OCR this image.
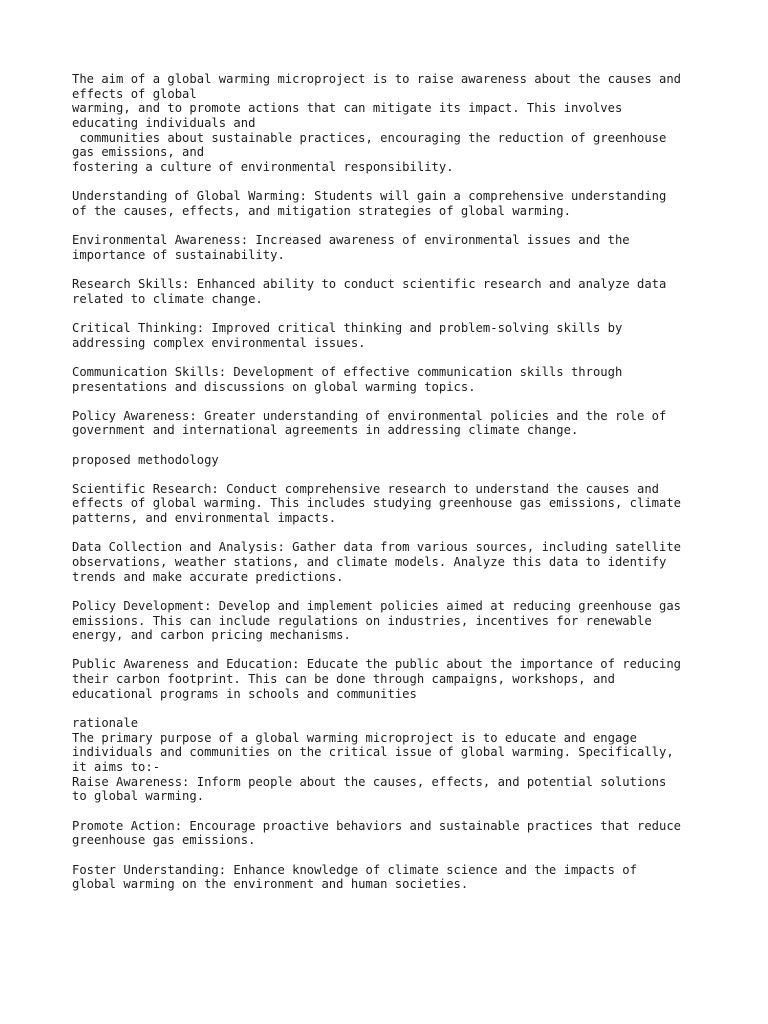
The aim of a global warming microproject is to raise awareness about the causes and
effects of global
warming, and to promote actions that can mitigate its impact. This involves
educating individuals and
communities about sustainable practices, encouraging the reduction of greenhouse
gas emissions, and
fostering a culture of environmental responsibility.
Understanding of Global Warming: Students will gain a comprehensive understanding
of the causes, effects, and mitigation strategies of global warming.
Environmental Awareness: Increased awareness of environmental issues and the
importance of sustainability.
Research Skills: Enhanced ability to conduct scientific research and analyze data
related to climate change.
Critical Thinking: Improved critical thinking and problem-solving skills by
addressing complex environmental issues.
Communication Skills: Development of effective communication skills through
presentations and discussions on global warming topics.
Policy Awareness: Greater understanding of environmental policies and the role of
government and international agreements in addressing climate change.
proposed methodology
Scientific Research: Conduct comprehensive research to understand the causes and
effects of global warming. This includes studying greenhouse gas emissions, climate
patterns, and environmental impacts.
Data Collection and Analysis: Gather data from various sources, including satellite
observations, weather stations, and climate models. Analyze this data to identify
trends and make accurate predictions.
Policy Development: Develop and implement policies aimed at reducing greenhouse gas
emissions. This can include regulations on industries, incentives for renewable
energy, and carbon pricing mechanisms.
Public Awareness and Education: Educate the public about the importance of reducing
their carbon footprint. This can be done through campaigns, workshops, and
educational programs in schools and communities
rationale
The primary purpose of a global warming microproject is to educate and engage
individuals and communities on the critical issue of global warming. Specifically,
it aims to:-
Raise Awareness: Inform people about the causes, effects, and potential solutions
to global warming.
Promote Action: Encourage proactive behaviors and sustainable practices that reduce
greenhouse gas emissions.
Foster Understanding: Enhance knowledge of climate science and the impacts of
global warming on the environment and human societies.
